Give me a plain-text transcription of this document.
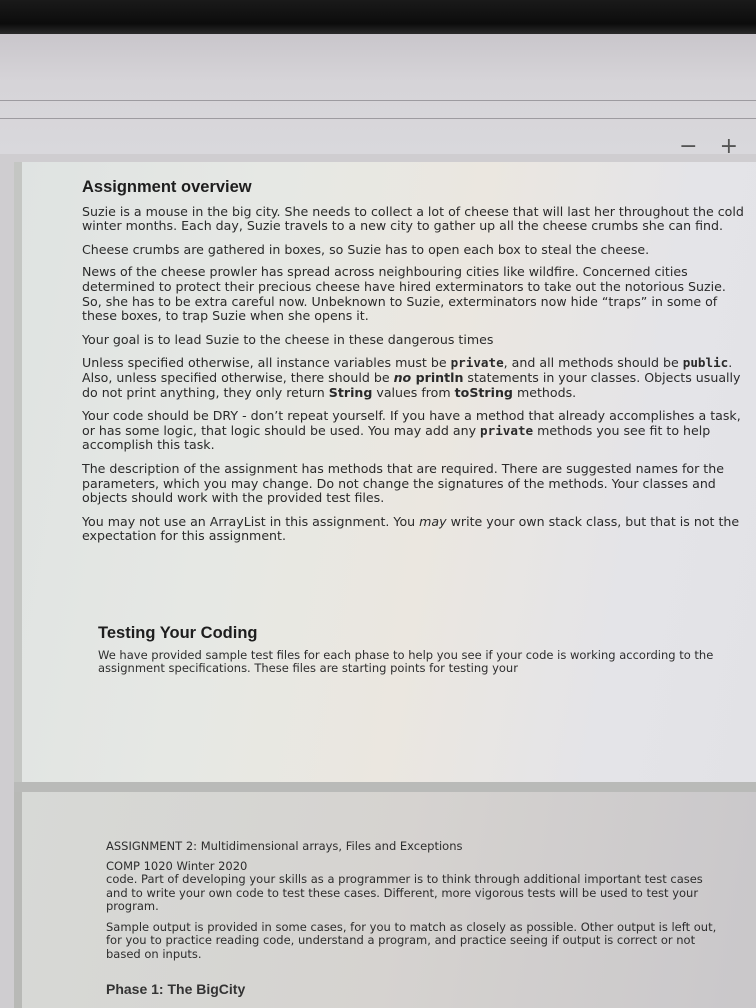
− +
Assignment overview

Suzie is a mouse in the big city. She needs to collect a lot of cheese that will last her throughout the cold winter months. Each day, Suzie travels to a new city to gather up all the cheese crumbs she can find.

Cheese crumbs are gathered in boxes, so Suzie has to open each box to steal the cheese.

News of the cheese prowler has spread across neighbouring cities like wildfire. Concerned cities determined to protect their precious cheese have hired exterminators to take out the notorious Suzie. So, she has to be extra careful now. Unbeknown to Suzie, exterminators now hide “traps” in some of these boxes, to trap Suzie when she opens it.

Your goal is to lead Suzie to the cheese in these dangerous times

Unless specified otherwise, all instance variables must be private, and all methods should be public. Also, unless specified otherwise, there should be no println statements in your classes. Objects usually do not print anything, they only return String values from toString methods.

Your code should be DRY - don’t repeat yourself. If you have a method that already accomplishes a task, or has some logic, that logic should be used. You may add any private methods you see fit to help accomplish this task.

The description of the assignment has methods that are required. There are suggested names for the parameters, which you may change. Do not change the signatures of the methods. Your classes and objects should work with the provided test files.

You may not use an ArrayList in this assignment. You may write your own stack class, but that is not the expectation for this assignment.

Testing Your Coding

We have provided sample test files for each phase to help you see if your code is working according to the assignment specifications. These files are starting points for testing your

ASSIGNMENT 2: Multidimensional arrays, Files and Exceptions

COMP 1020 Winter 2020

code. Part of developing your skills as a programmer is to think through additional important test cases and to write your own code to test these cases. Different, more vigorous tests will be used to test your program.

Sample output is provided in some cases, for you to match as closely as possible. Other output is left out, for you to practice reading code, understand a program, and practice seeing if output is correct or not based on inputs.

Phase 1: The BigCity
